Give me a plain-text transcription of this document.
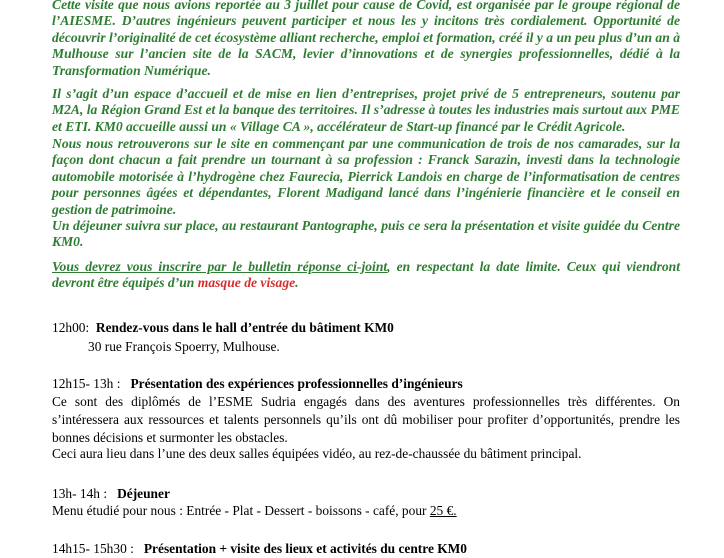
Cette visite que nous avions reportée au 3 juillet pour cause de Covid, est organisée par le groupe régional de l’AIESME. D’autres ingénieurs peuvent participer et nous les y incitons très cordialement. Opportunité de découvrir l’originalité de cet écosystème alliant recherche, emploi et formation, créé il y a un peu plus d’un an à Mulhouse sur l’ancien site de la SACM, levier d’innovations et de synergies professionnelles, dédié à la Transformation Numérique.

Il s’agit d’un espace d’accueil et de mise en lien d’entreprises, projet privé de 5 entrepreneurs, soutenu par M2A, la Région Grand Est et la banque des territoires. Il s’adresse à toutes les industries mais surtout aux PME et ETI. KM0 accueille aussi un « Village CA », accélérateur de Start-up financé par le Crédit Agricole.

Nous nous retrouverons sur le site en commençant par une communication de trois de nos camarades, sur la façon dont chacun a fait prendre un tournant à sa profession : Franck Sarazin, investi dans la technologie automobile motorisée à l’hydrogène chez Faurecia, Pierrick Landois en charge de l’informatisation de centres pour personnes âgées et dépendantes, Florent Madigand lancé dans l’ingénierie financière et le conseil en gestion de patrimoine.

Un déjeuner suivra sur place, au restaurant Pantographe, puis ce sera la présentation et visite guidée du Centre KM0.

Vous devrez vous inscrire par le bulletin réponse ci-joint, en respectant la date limite. Ceux qui viendront devront être équipés d’un masque de visage.

12h00: Rendez-vous dans le hall d’entrée du bâtiment KM0

30 rue François Spoerry, Mulhouse.

12h15- 13h : Présentation des expériences professionnelles d’ingénieurs

Ce sont des diplômés de l’ESME Sudria engagés dans des aventures professionnelles très différentes. On s’intéressera aux ressources et talents personnels qu’ils ont dû mobiliser pour profiter d’opportunités, prendre les bonnes décisions et surmonter les obstacles.

Ceci aura lieu dans l’une des deux salles équipées vidéo, au rez-de-chaussée du bâtiment principal.

13h- 14h : Déjeuner

Menu étudié pour nous : Entrée - Plat - Dessert - boissons - café, pour 25 €.

14h15- 15h30 : Présentation + visite des lieux et activités du centre KM0
